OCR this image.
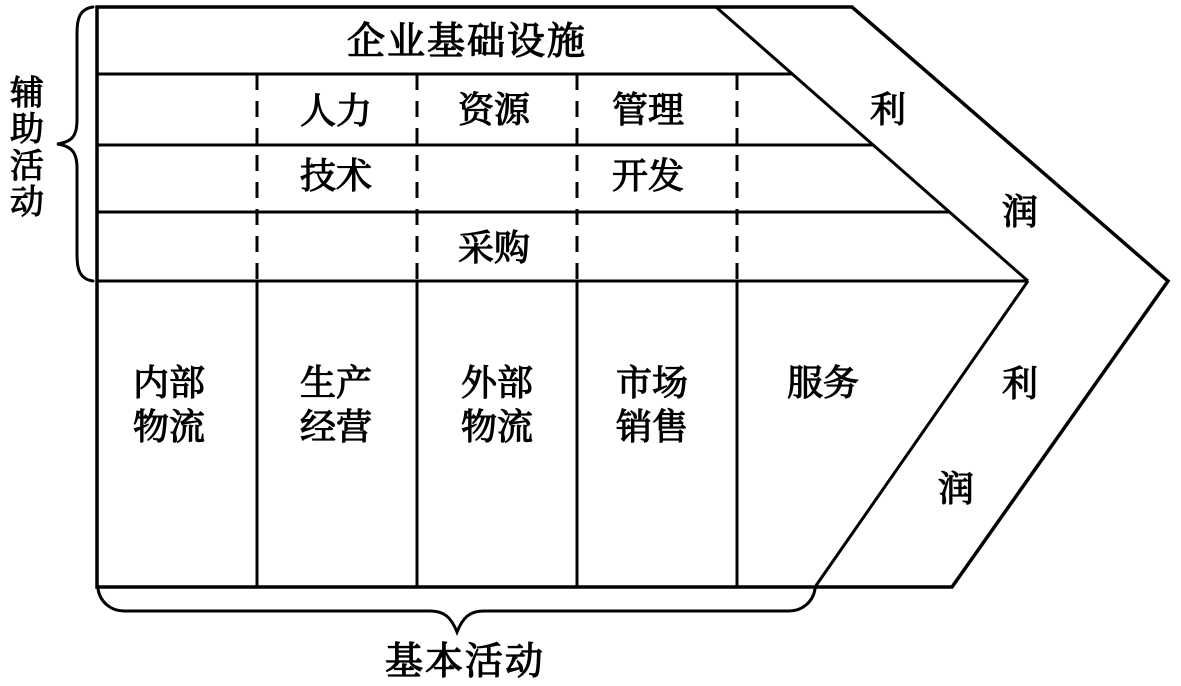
企业基础设施
人力 资源 管理
技术	开发
采购
内部
物流
生产
经营
外部
物流
市场
销售
服务
利
润
利
润
辅
助
活
动
基本活动
